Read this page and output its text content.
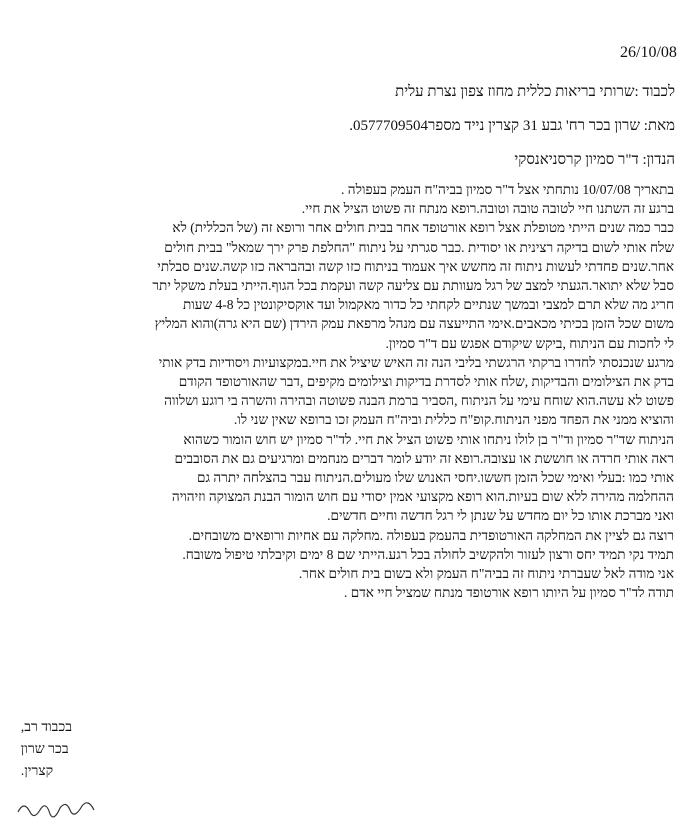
26/10/08
לכבוד :שרותי בריאות כללית מחוז צפון נצרת עלית
מאת: שרון בכר רח' גבע 31 קצרין נייד מספר0577709504.
הנדון: ד"ר סמיון קרסניאנסקי

בתאריך 10/07/08 נותחתי אצל ד"ר סמיון בביה"ח העמק בעפולה .

ברגע זה השתנו חיי לטובה טובה וטובה.רופא מנתח זה פשוט הציל את חיי.

כבר כמה שנים הייתי מטופלת אצל רופא אורטופד אחר בבית חולים אחר ורופא זה (של הכללית) לא

שלח אותי לשום בדיקה רצינית או יסודית .כבר סגרתי על ניתוח "החלפת פרק ירך שמאל" בבית חולים

אחר.שנים פחדתי לעשות ניתוח זה מחשש איך אעמוד בניתוח כזו קשה ובהבראה כזו קשה.שנים סבלתי

סבל שלא יתואר.הגעתי למצב של רגל מעוותת עם צליעה קשה ועקמת בכל הגוף.הייתי בעלת משקל יתר

חריג מה שלא תרם למצבי ובמשך שנתיים לקחתי כל כדור מאקמול ועד אוקסיקונטין כל 4-8 שעות

משום שכל הזמן בכיתי מכאבים.אימי התייעצה עם מנהל מרפאת עמק הירדן (שם היא גרה)והוא המליץ

לי לחכות עם הניתוח ,ביקש שיקודם אפגש עם ד"ר סמיון.

מרגע שנכנסתי לחדרו ברקתי הרגשתי בליבי הנה זה האיש שיציל את חיי.במקצועיות ויסודיות בדק אותי

בדק את הצילומים והבדיקות ,שלח אותי לסדרת בדיקות וצילומים מקיפים ,דבר שהאורטופד הקודם

פשוט לא עשה.הוא שוחח עימי על הניתוח ,הסביר ברמת הבנה פשוטה ובהירה והשרה בי רוגע ושלווה

והוציא ממני את הפחד מפני הניתוח.קופ"ח כללית וביה"ח העמק זכו ברופא שאין שני לו.

הניתוח שד"ר סמיון וד"ר בן לולו ניתחו אותי פשוט הציל את חיי. לד"ר סמיון יש חוש הומור כשהוא

ראה אותי חרדה או חוששת או עצובה.רופא זה יודע לומר דברים מנחמים ומרגיעים גם את הסובבים

אותי כמו :בעלי ואימי שכל הזמן חששו.יחסי האנוש שלו מעולים.הניתוח עבר בהצלחה יתרה גם

ההחלמה מהירה ללא שום בעיות.הוא רופא מקצועי אמין יסודי עם חוש הומור הבנת המצוקה וזיהויה

ואני מברכת אותו כל יום מחדש על שנתן לי רגל חדשה וחיים חדשים.

רוצה גם לציין את המחלקה האורטופדית בהעמק בעפולה .מחלקה עם אחיות ורופאים משובחים.

תמיד נקי תמיד יחס ורצון לעזור ולהקשיב לחולה בכל רגע.הייתי שם 8 ימים וקיבלתי טיפול משובח.

אני מודה לאל שעברתי ניתוח זה בביה"ח העמק ולא בשום בית חולים אחר.

תודה לד"ר סמיון על היותו רופא אורטופד מנתח שמציל חיי אדם .

בכבוד רב,
בכר שרון
קצרין.
